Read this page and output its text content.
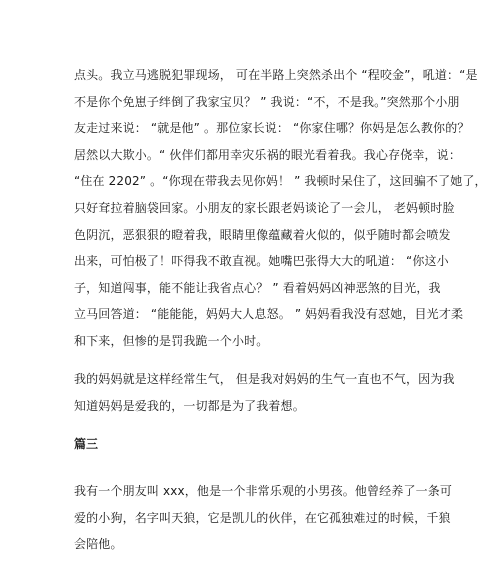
点头。我立马逃脱犯罪现场， 可在半路上突然杀出个 “程咬金”，吼道：“是
不是你个免崽子绊倒了我家宝贝？ ” 我说：“不，不是我。”突然那个小朋
友走过来说： “就是他” 。那位家长说： “你家住哪？你妈是怎么教你的？
居然以大欺小。“ 伙伴们都用幸灾乐祸的眼光看着我。我心存侥幸，说：
“住在 2202” 。“你现在带我去见你妈！ ” 我顿时呆住了，这回骗不了她了，
只好耷拉着脑袋回家。小朋友的家长跟老妈谈论了一会儿， 老妈顿时脸
色阴沉，恶狠狠的瞪着我，眼睛里像蕴藏着火似的，似乎随时都会喷发
出来，可怕极了！吓得我不敢直视。她嘴巴张得大大的吼道： “你这小
子，知道闯事，能不能让我省点心？ ” 看着妈妈凶神恶煞的目光，我
立马回答道： “能能能，妈妈大人息怒。 ” 妈妈看我没有怼她，目光才柔
和下来，但惨的是罚我跪一个小时。
我的妈妈就是这样经常生气， 但是我对妈妈的生气一直也不气，因为我
知道妈妈是爱我的，一切都是为了我着想。
篇三
我有一个朋友叫 xxx，他是一个非常乐观的小男孩。他曾经养了一条可
爱的小狗，名字叫天狼，它是凯儿的伙伴，在它孤独难过的时候，千狼
会陪他。
